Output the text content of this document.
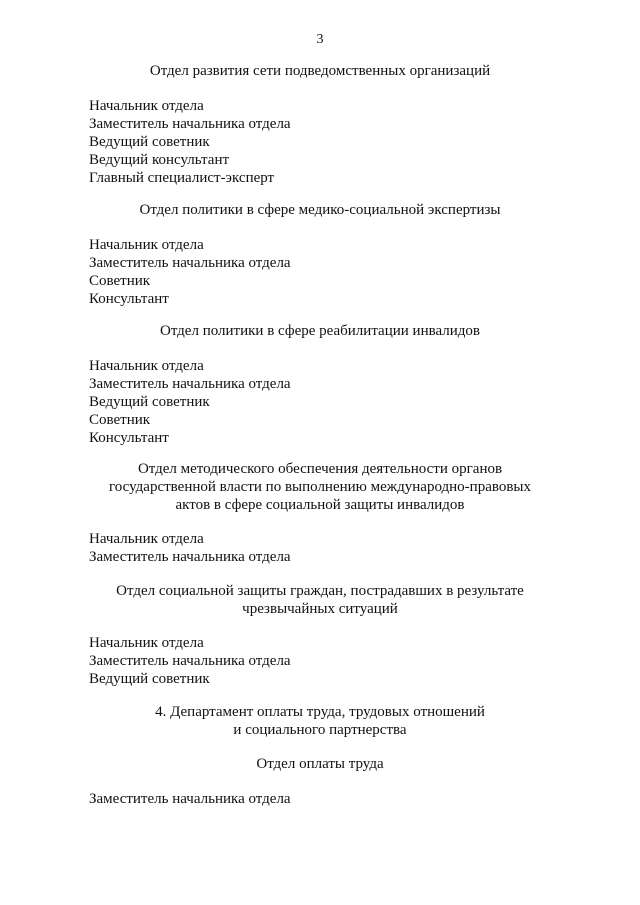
3
Отдел развития сети подведомственных организаций
Начальник отдела
Заместитель начальника отдела
Ведущий советник
Ведущий консультант
Главный специалист-эксперт
Отдел политики в сфере медико-социальной экспертизы
Начальник отдела
Заместитель начальника отдела
Советник
Консультант
Отдел политики в сфере реабилитации инвалидов
Начальник отдела
Заместитель начальника отдела
Ведущий советник
Советник
Консультант
Отдел методического обеспечения деятельности органов
государственной власти по выполнению международно-правовых
актов в сфере социальной защиты инвалидов
Начальник отдела
Заместитель начальника отдела
Отдел социальной защиты граждан, пострадавших в результате
чрезвычайных ситуаций
Начальник отдела
Заместитель начальника отдела
Ведущий советник
4. Департамент оплаты труда, трудовых отношений
и социального партнерства
Отдел оплаты труда
Заместитель начальника отдела
